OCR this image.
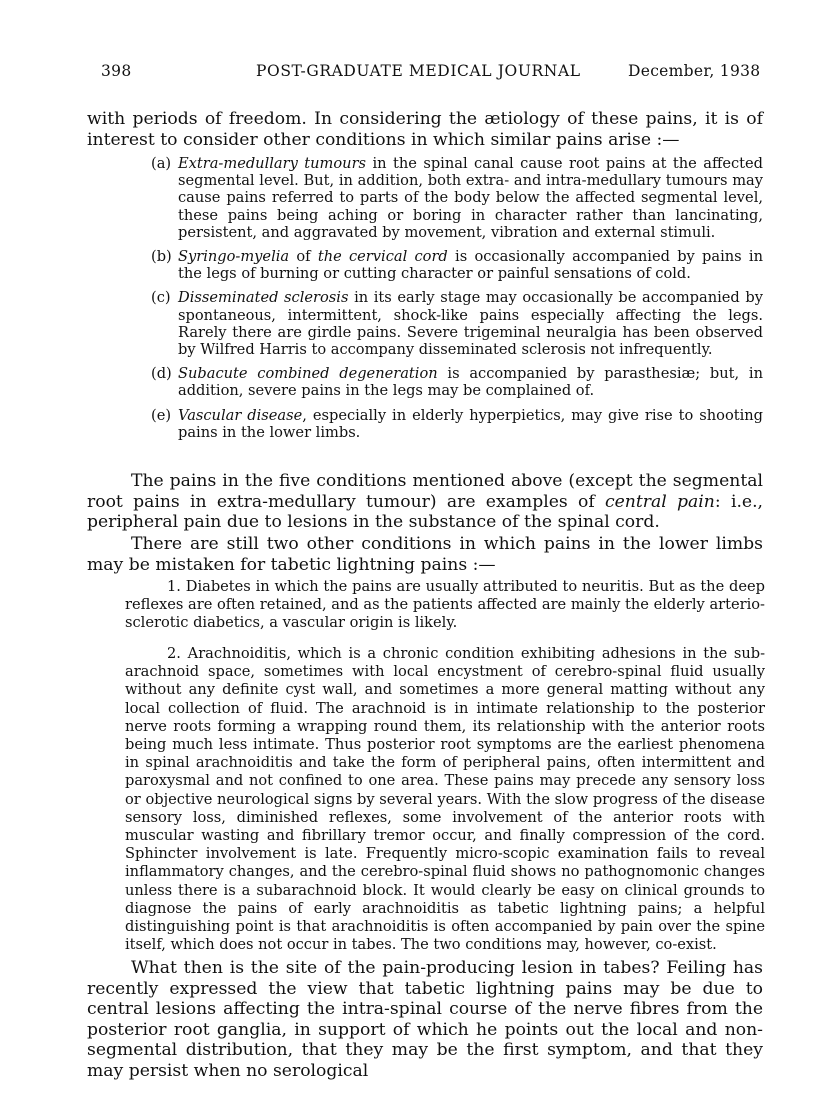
398	POST-GRADUATE MEDICAL JOURNAL	December, 1938

with periods of freedom. In considering the ætiology of these pains, it is of interest to consider other conditions in which similar pains arise :—

(a) Extra-medullary tumours in the spinal canal cause root pains at the affected segmental level. But, in addition, both extra- and intra-medullary tumours may cause pains referred to parts of the body below the affected segmental level, these pains being aching or boring in character rather than lancinating, persistent, and aggravated by movement, vibration and external stimuli.
(b) Syringo-myelia of the cervical cord is occasionally accompanied by pains in the legs of burning or cutting character or painful sensations of cold.
(c) Disseminated sclerosis in its early stage may occasionally be accompanied by spontaneous, intermittent, shock-like pains especially affecting the legs. Rarely there are girdle pains. Severe trigeminal neuralgia has been observed by Wilfred Harris to accompany disseminated sclerosis not infrequently.
(d) Subacute combined degeneration is accompanied by parasthesiæ; but, in addition, severe pains in the legs may be complained of.
(e) Vascular disease, especially in elderly hyperpietics, may give rise to shooting pains in the lower limbs.

The pains in the five conditions mentioned above (except the segmental root pains in extra-medullary tumour) are examples of central pain: i.e., peripheral pain due to lesions in the substance of the spinal cord.

There are still two other conditions in which pains in the lower limbs may be mistaken for tabetic lightning pains :—

1. Diabetes in which the pains are usually attributed to neuritis. But as the deep reflexes are often retained, and as the patients affected are mainly the elderly arterio-sclerotic diabetics, a vascular origin is likely.

2. Arachnoiditis, which is a chronic condition exhibiting adhesions in the sub-arachnoid space, sometimes with local encystment of cerebro-spinal fluid usually without any definite cyst wall, and sometimes a more general matting without any local collection of fluid. The arachnoid is in intimate relationship to the posterior nerve roots forming a wrapping round them, its relationship with the anterior roots being much less intimate. Thus posterior root symptoms are the earliest phenomena in spinal arachnoiditis and take the form of peripheral pains, often intermittent and paroxysmal and not confined to one area. These pains may precede any sensory loss or objective neurological signs by several years. With the slow progress of the disease sensory loss, diminished reflexes, some involvement of the anterior roots with muscular wasting and fibrillary tremor occur, and finally compression of the cord. Sphincter involvement is late. Frequently micro-scopic examination fails to reveal inflammatory changes, and the cerebro-spinal fluid shows no pathognomonic changes unless there is a subarachnoid block. It would clearly be easy on clinical grounds to diagnose the pains of early arachnoiditis as tabetic lightning pains; a helpful distinguishing point is that arachnoiditis is often accompanied by pain over the spine itself, which does not occur in tabes. The two conditions may, however, co-exist.

What then is the site of the pain-producing lesion in tabes? Feiling has recently expressed the view that tabetic lightning pains may be due to central lesions affecting the intra-spinal course of the nerve fibres from the posterior root ganglia, in support of which he points out the local and non-segmental distribution, that they may be the first symptom, and that they may persist when no serological
